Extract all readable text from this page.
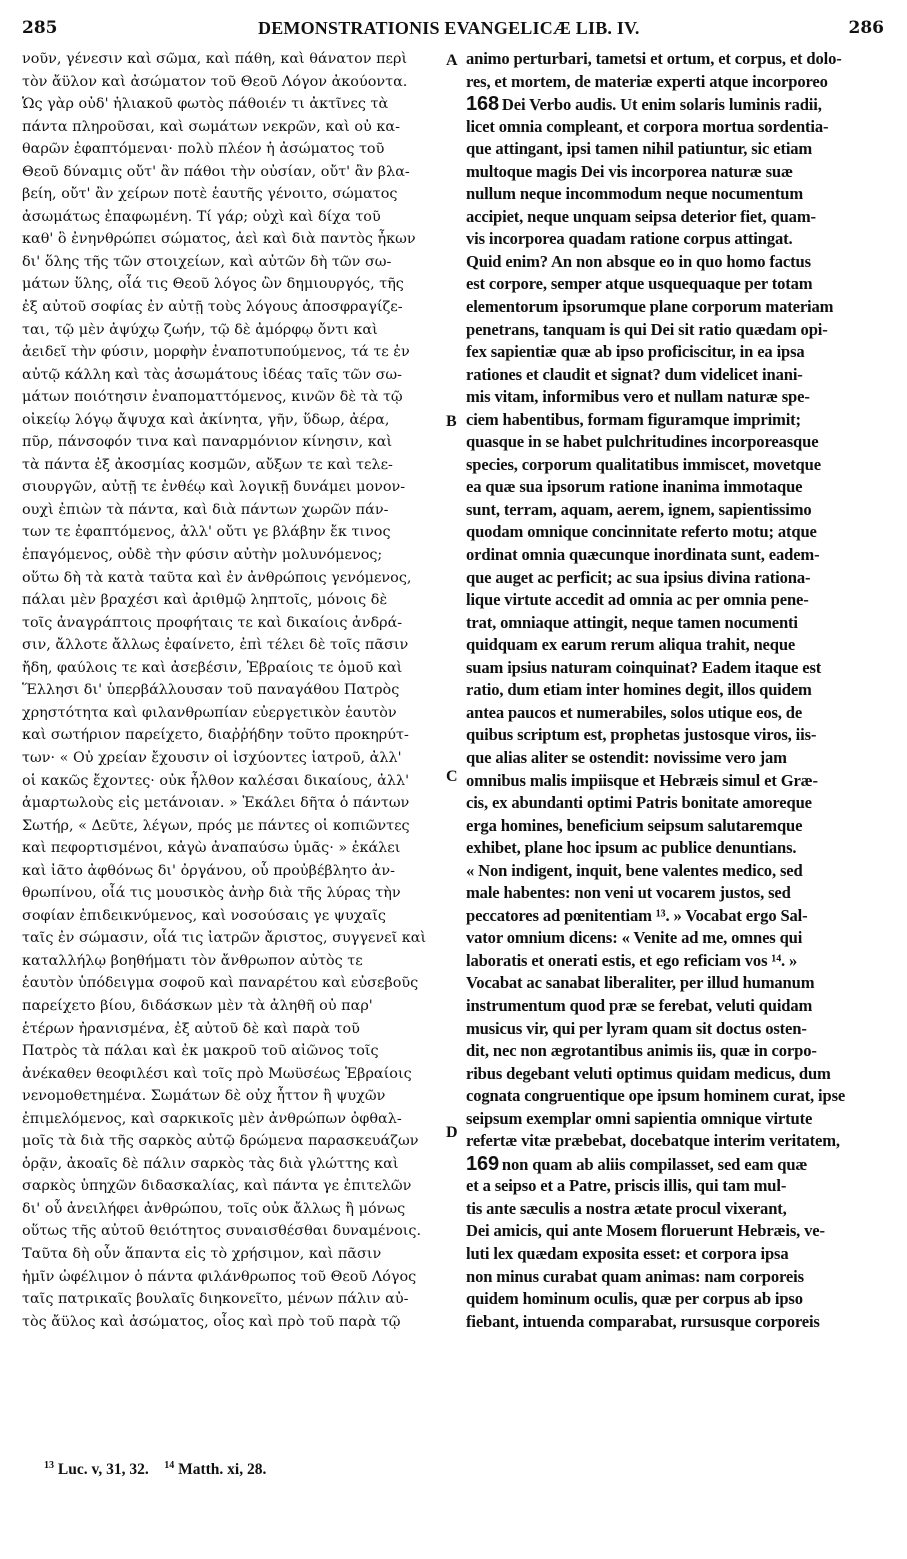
285	DEMONSTRATIONIS EVANGELICÆ LIB. IV.	286
νοῦν, γένεσιν καὶ σῶμα, καὶ πάθη, καὶ θάνατον περὶ
τὸν ἄϋλον καὶ ἀσώματον τοῦ Θεοῦ Λόγον ἀκούοντα.
Ὡς γὰρ οὐδ' ἡλιακοῦ φωτὸς πάθοιέν τι ἀκτῖνες τὰ
πάντα πληροῦσαι, καὶ σωμάτων νεκρῶν, καὶ οὐ κα-
θαρῶν ἐφαπτόμεναι· πολὺ πλέον ἡ ἀσώματος τοῦ
Θεοῦ δύναμις οὔτ' ἂν πάθοι τὴν οὐσίαν, οὔτ' ἂν βλα-
βείη, οὔτ' ἂν χείρων ποτὲ ἑαυτῆς γένοιτο, σώματος
ἀσωμάτως ἐπαφωμένη. Τί γάρ; οὐχὶ καὶ δίχα τοῦ
καθ' ὃ ἐνηνθρώπει σώματος, ἀεὶ καὶ διὰ παντὸς ἦκων
δι' ὅλης τῆς τῶν στοιχείων, καὶ αὐτῶν δὴ τῶν σω-
μάτων ὕλης, οἷά τις Θεοῦ λόγος ὢν δημιουργός, τῆς
ἐξ αὐτοῦ σοφίας ἐν αὐτῇ τοὺς λόγους ἀποσφραγίζε-
ται, τῷ μὲν ἀψύχῳ ζωήν, τῷ δὲ ἀμόρφῳ ὄντι καὶ
ἀειδεῖ τὴν φύσιν, μορφὴν ἐναποτυπούμενος, τά τε ἐν
αὐτῷ κάλλη καὶ τὰς ἀσωμάτους ἰδέας ταῖς τῶν σω-
μάτων ποιότησιν ἐναποματτόμενος, κινῶν δὲ τὰ τῷ
οἰκείῳ λόγῳ ἄψυχα καὶ ἀκίνητα, γῆν, ὕδωρ, ἀέρα,
πῦρ, πάνσοφόν τινα καὶ παναρμόνιον κίνησιν, καὶ
τὰ πάντα ἐξ ἀκοσμίας κοσμῶν, αὔξων τε καὶ τελε-
σιουργῶν, αὐτῇ τε ἐνθέῳ καὶ λογικῇ δυνάμει μονον-
ουχὶ ἐπιὼν τὰ πάντα, καὶ διὰ πάντων χωρῶν πάν-
των τε ἐφαπτόμενος, ἀλλ' οὔτι γε βλάβην ἔκ τινος
ἐπαγόμενος, οὐδὲ τὴν φύσιν αὐτὴν μολυνόμενος;
οὕτω δὴ τὰ κατὰ ταῦτα καὶ ἐν ἀνθρώποις γενόμενος,
πάλαι μὲν βραχέσι καὶ ἀριθμῷ ληπτοῖς, μόνοις δὲ
τοῖς ἀναγράπτοις προφήταις τε καὶ δικαίοις ἀνδρά-
σιν, ἄλλοτε ἄλλως ἐφαίνετο, ἐπὶ τέλει δὲ τοῖς πᾶσιν
ἤδη, φαύλοις τε καὶ ἀσεβέσιν, Ἑβραίοις τε ὁμοῦ καὶ
Ἕλλησι δι' ὑπερβάλλουσαν τοῦ παναγάθου Πατρὸς
χρηστότητα καὶ φιλανθρωπίαν εὐεργετικὸν ἑαυτὸν
καὶ σωτήριον παρείχετο, διαῤῥήδην τοῦτο προκηρύτ-
των· « Οὐ χρείαν ἔχουσιν οἱ ἰσχύοντες ἰατροῦ, ἀλλ'
οἱ κακῶς ἔχοντες· οὐκ ἦλθον καλέσαι δικαίους, ἀλλ'
ἁμαρτωλοὺς εἰς μετάνοιαν. » Ἐκάλει δῆτα ὁ πάντων
Σωτήρ, « Δεῦτε, λέγων, πρός με πάντες οἱ κοπιῶντες
καὶ πεφορτισμένοι, κἀγὼ ἀναπαύσω ὑμᾶς· » ἐκάλει
καὶ ἰᾶτο ἀφθόνως δι' ὀργάνου, οὗ προὐβέβλητο ἀν-
θρωπίνου, οἷά τις μουσικὸς ἀνὴρ διὰ τῆς λύρας τὴν
σοφίαν ἐπιδεικνύμενος, καὶ νοσούσαις γε ψυχαῖς
ταῖς ἐν σώμασιν, οἷά τις ἰατρῶν ἄριστος, συγγενεῖ καὶ
καταλλήλῳ βοηθήματι τὸν ἄνθρωπον αὐτὸς τε
ἑαυτὸν ὑπόδειγμα σοφοῦ καὶ παναρέτου καὶ εὐσεβοῦς
παρείχετο βίου, διδάσκων μὲν τὰ ἀληθῆ οὐ παρ'
ἑτέρων ἠρανισμένα, ἐξ αὐτοῦ δὲ καὶ παρὰ τοῦ
Πατρὸς τὰ πάλαι καὶ ἐκ μακροῦ τοῦ αἰῶνος τοῖς
ἀνέκαθεν θεοφιλέσι καὶ τοῖς πρὸ Μωϋσέως Ἑβραίοις
νενομοθετημένα. Σωμάτων δὲ οὐχ ἧττον ἢ ψυχῶν
ἐπιμελόμενος, καὶ σαρκικοῖς μὲν ἀνθρώπων ὀφθαλ-
μοῖς τὰ διὰ τῆς σαρκὸς αὐτῷ δρώμενα παρασκευάζων
ὁρᾷν, ἀκοαῖς δὲ πάλιν σαρκὸς τὰς διὰ γλώττης καὶ
σαρκὸς ὑπηχῶν διδασκαλίας, καὶ πάντα γε ἐπιτελῶν
δι' οὗ ἀνειλήφει ἀνθρώπου, τοῖς οὐκ ἄλλως ἢ μόνως
οὕτως τῆς αὐτοῦ θειότητος συναισθέσθαι δυναμένοις.
Ταῦτα δὴ οὖν ἅπαντα εἰς τὸ χρήσιμον, καὶ πᾶσιν
ἡμῖν ὠφέλιμον ὁ πάντα φιλάνθρωπος τοῦ Θεοῦ Λόγος
ταῖς πατρικαῖς βουλαῖς διηκονεῖτο, μένων πάλιν αὐ-
τὸς ἄϋλος καὶ ἀσώματος, οἷος καὶ πρὸ τοῦ παρὰ τῷ
animo perturbari, tametsi et ortum, et corpus, et dolo-
res, et mortem, de materiæ experti atque incorporeo
168 Dei Verbo audis. Ut enim solaris luminis radii,
licet omnia compleant, et corpora mortua sordentia-
que attingant, ipsi tamen nihil patiuntur, sic etiam
multoque magis Dei vis incorporea naturæ suæ
nullum neque incommodum neque nocumentum
accipiet, neque unquam seipsa deterior fiet, quam-
vis incorporea quadam ratione corpus attingat.
Quid enim? An non absque eo in quo homo factus
est corpore, semper atque usquequaque per totam
elementorum ipsorumque plane corporum materiam
penetrans, tanquam is qui Dei sit ratio quædam opi-
fex sapientiæ quæ ab ipso proficiscitur, in ea ipsa
rationes et claudit et signat? dum videlicet inani-
mis vitam, informibus vero et nullam naturæ spe-
ciem habentibus, formam figuramque imprimit;
quasque in se habet pulchritudines incorporeasque
species, corporum qualitatibus immiscet, movetque
ea quæ sua ipsorum ratione inanima immotaque
sunt, terram, aquam, aerem, ignem, sapientissimo
quodam omnique concinnitate referto motu; atque
ordinat omnia quæcunque inordinata sunt, eadem-
que auget ac perficit; ac sua ipsius divina rationa-
lique virtute accedit ad omnia ac per omnia pene-
trat, omniaque attingit, neque tamen nocumenti
quidquam ex earum rerum aliqua trahit, neque
suam ipsius naturam coinquinat? Eadem itaque est
ratio, dum etiam inter homines degit, illos quidem
antea paucos et numerabiles, solos utique eos, de
quibus scriptum est, prophetas justosque viros, iis-
que alias aliter se ostendit: novissime vero jam
omnibus malis impiisque et Hebræis simul et Græ-
cis, ex abundanti optimi Patris bonitate amoreque
erga homines, beneficium seipsum salutaremque
exhibet, plane hoc ipsum ac publice denuntians.
« Non indigent, inquit, bene valentes medico, sed
male habentes: non veni ut vocarem justos, sed
peccatores ad pœnitentiam ¹³. » Vocabat ergo Sal-
vator omnium dicens: « Venite ad me, omnes qui
laboratis et onerati estis, et ego reficiam vos ¹⁴. »
Vocabat ac sanabat liberaliter, per illud humanum
instrumentum quod præ se ferebat, veluti quidam
musicus vir, qui per lyram quam sit doctus osten-
dit, nec non ægrotantibus animis iis, quæ in corpo-
ribus degebant veluti optimus quidam medicus, dum
cognata congruentique ope ipsum hominem curat, ipse
seipsum exemplar omni sapientia omnique virtute
refertæ vitæ præbebat, docebatque interim veritatem,
169 non quam ab aliis compilasset, sed eam quæ
et a seipso et a Patre, priscis illis, qui tam mul-
tis ante sæculis a nostra ætate procul vixerant,
Dei amicis, qui ante Mosem floruerunt Hebræis, ve-
luti lex quædam exposita esset: et corpora ipsa
non minus curabat quam animas: nam corporeis
quidem hominum oculis, quæ per corpus ab ipso
fiebant, intuenda comparabat, rursusque corporeis
A
B
C
D
$^{13}$ Luc. v, 31, 32. $^{14}$ Matth. xi, 28.
